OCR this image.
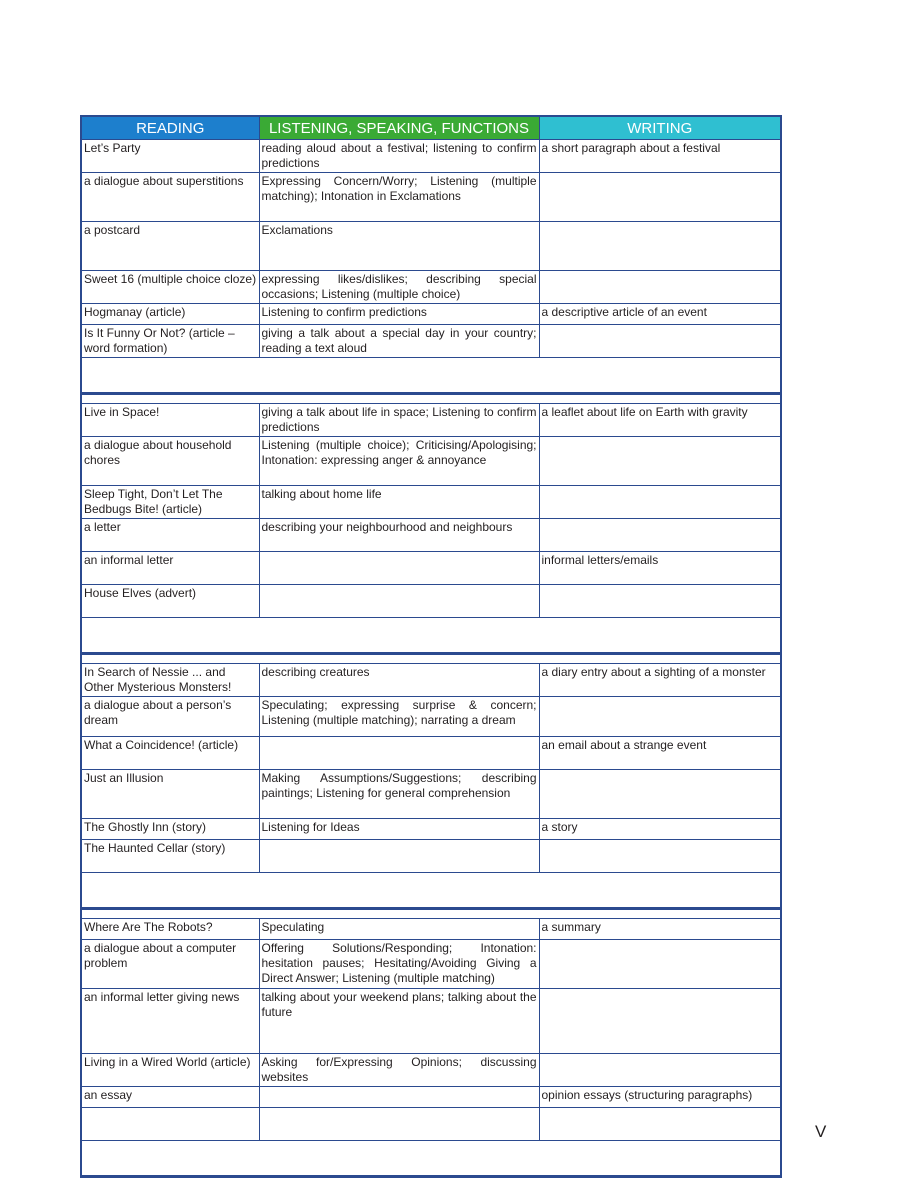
READING	LISTENING, SPEAKING, FUNCTIONS	WRITING
Let’s Party	reading aloud about a festival; listening to confirm predictions	a short paragraph about a festival
a dialogue about superstitions	Expressing Concern/Worry; Listening (multiple matching); Intonation in Exclamations	
a postcard	Exclamations	
Sweet 16 (multiple choice cloze)	expressing likes/dislikes; describing special occasions; Listening (multiple choice)	
Hogmanay (article)	Listening to confirm predictions	a descriptive article of an event
Is It Funny Or Not? (article – word formation)	giving a talk about a special day in your country; reading a text aloud	

Live in Space!	giving a talk about life in space; Listening to confirm predictions	a leaflet about life on Earth with gravity
a dialogue about household chores	Listening (multiple choice); Criticising/Apologising; Intonation: expressing anger & annoyance	
Sleep Tight, Don’t Let The Bedbugs Bite! (article)	talking about home life	
a letter	describing your neighbourhood and neighbours	
an informal letter		informal letters/emails
House Elves (advert)		

In Search of Nessie ... and Other Mysterious Monsters!	describing creatures	a diary entry about a sighting of a monster
a dialogue about a person’s dream	Speculating; expressing surprise & concern; Listening (multiple matching); narrating a dream	
What a Coincidence! (article)		an email about a strange event
Just an Illusion	Making Assumptions/Suggestions; describing paintings; Listening for general comprehension	
The Ghostly Inn (story)	Listening for Ideas	a story
The Haunted Cellar (story)		

Where Are The Robots?	Speculating	a summary
a dialogue about a computer problem	Offering Solutions/Responding; Intonation: hesitation pauses; Hesitating/Avoiding Giving a Direct Answer; Listening (multiple matching)	
an informal letter giving news	talking about your weekend plans; talking about the future	
Living in a Wired World (article)	Asking for/Expressing Opinions; discussing websites	
an essay		opinion essays (structuring paragraphs)

V
